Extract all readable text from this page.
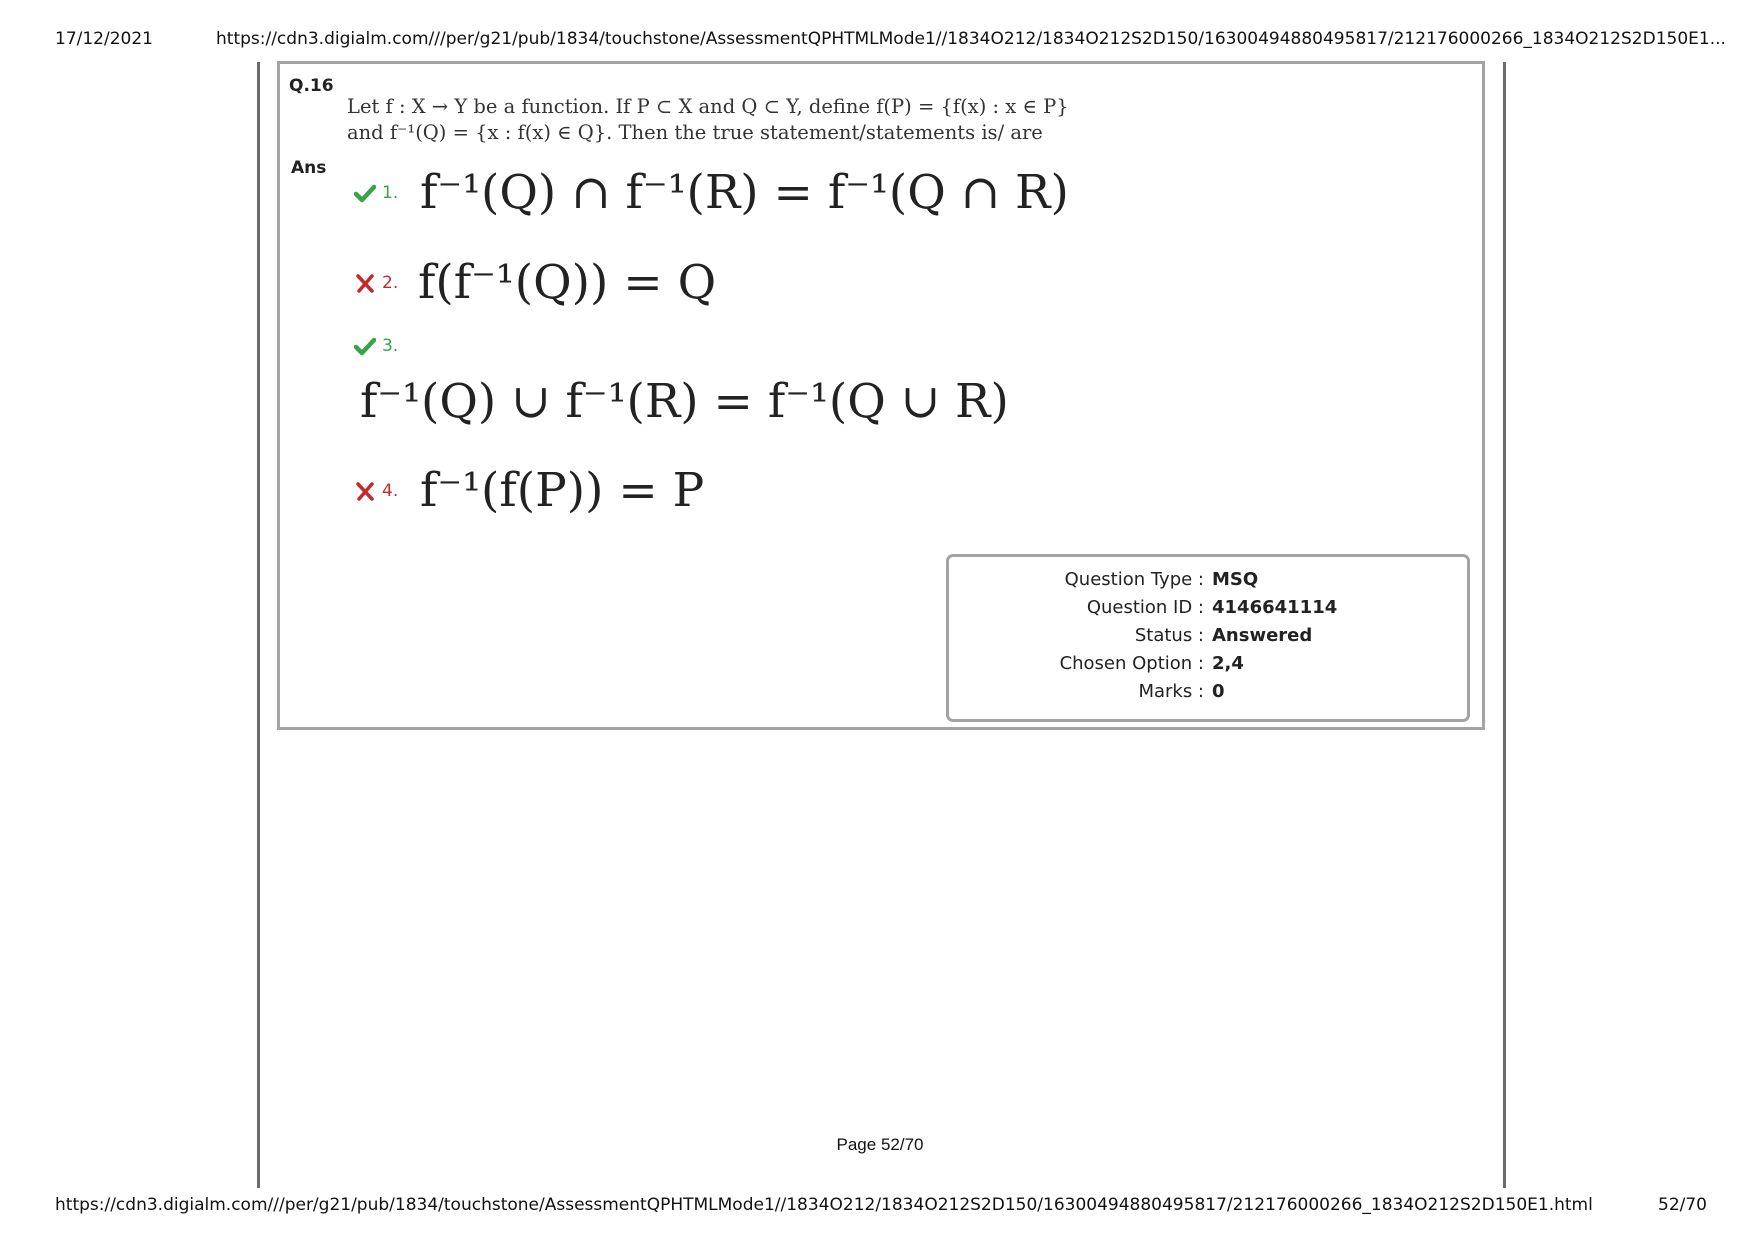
17/12/2021	https://cdn3.digialm.com///per/g21/pub/1834/touchstone/AssessmentQPHTMLMode1//1834O212/1834O212S2D150/16300494880495817/212176000266_1834O212S2D150E1...
Q.16
Let f : X → Y be a function. If P ⊂ X and Q ⊂ Y, define f(P) = {f(x) : x ∈ P}
and f⁻¹(Q) = {x : f(x) ∈ Q}. Then the true statement/statements is/ are
Ans
1. f⁻¹(Q) ∩ f⁻¹(R) = f⁻¹(Q ∩ R)
2. f(f⁻¹(Q)) = Q
3.
f⁻¹(Q) ∪ f⁻¹(R) = f⁻¹(Q ∪ R)
4. f⁻¹(f(P)) = P
Question Type : MSQ
Question ID : 4146641114
Status : Answered
Chosen Option : 2,4
Marks : 0
Page 52/70
https://cdn3.digialm.com///per/g21/pub/1834/touchstone/AssessmentQPHTMLMode1//1834O212/1834O212S2D150/16300494880495817/212176000266_1834O212S2D150E1.html	52/70
